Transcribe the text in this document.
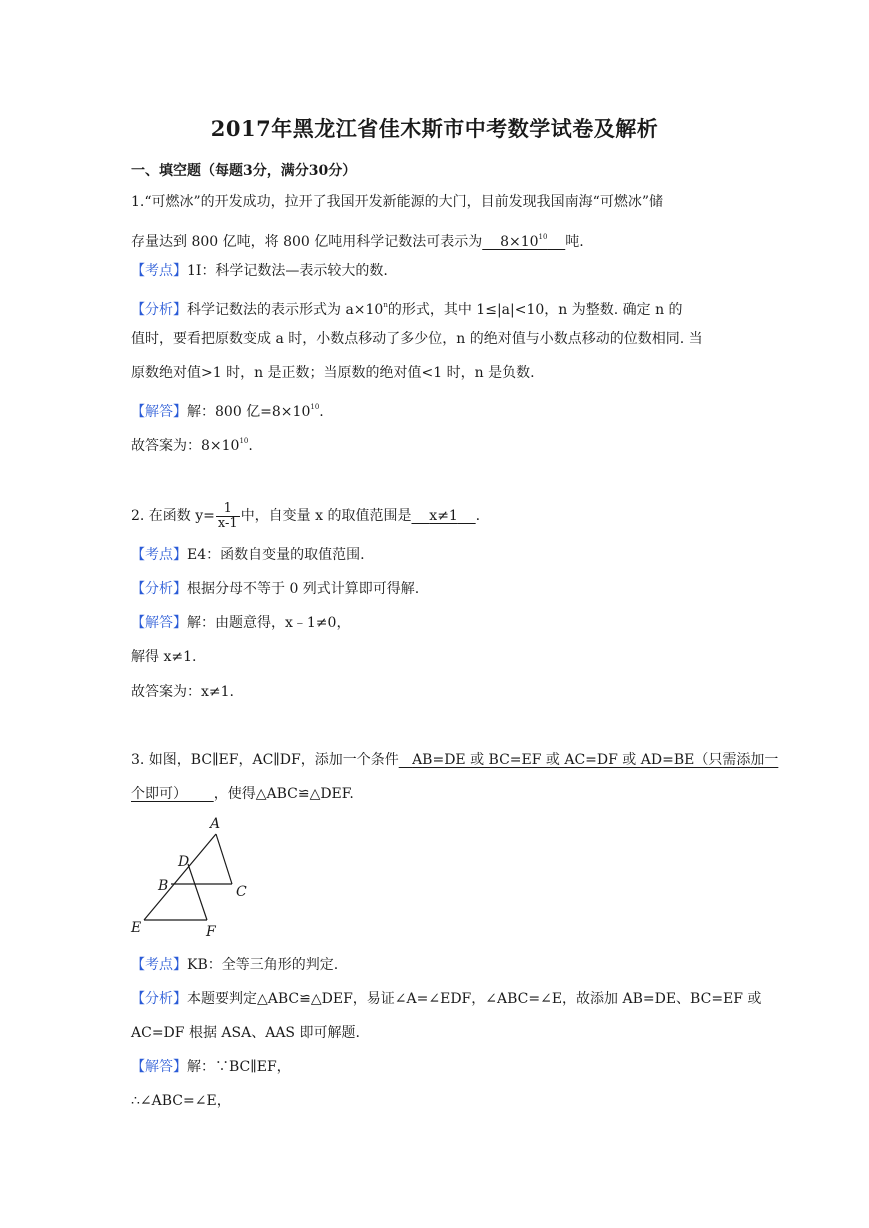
2017年黑龙江省佳木斯市中考数学试卷及解析
一、填空题（每题3分，满分30分）
1.“可燃冰”的开发成功，拉开了我国开发新能源的大门，目前发现我国南海“可燃冰”储
存量达到 800 亿吨，将 800 亿吨用科学记数法可表示为 $8\times 10^{10}$ 吨.
【考点】1I：科学记数法—表示较大的数.
【分析】科学记数法的表示形式为 $a\times 10^n$的形式，其中 1≤|a|<10，n 为整数. 确定 n 的
值时，要看把原数变成 a 时，小数点移动了多少位，n 的绝对值与小数点移动的位数相同. 当
原数绝对值>1 时，n 是正数；当原数的绝对值<1 时，n 是负数.
【解答】解：800 亿$=8\times 10^{10}$.
故答案为：$8\times 10^{10}$.
2. 在函数 $y= \frac{1}{x-1}$ 中，自变量 x 的取值范围是 x≠1 .
【考点】E4：函数自变量的取值范围.
【分析】根据分母不等于 0 列式计算即可得解.
【解答】解：由题意得，x﹣1≠0，
解得 x≠1.
故答案为：x≠1.
3. 如图，BC∥EF，AC∥DF，添加一个条件 AB=DE 或 BC=EF 或 AC=DF 或 AD=BE（只需添加一
个即可） ，使得△ABC≌△DEF.
A
D
B	C
E	F
【考点】KB：全等三角形的判定.
【分析】本题要判定△ABC≌△DEF，易证∠A=∠EDF，∠ABC=∠E，故添加 AB=DE、BC=EF 或
AC=DF 根据 ASA、AAS 即可解题.
【解答】解：∵BC∥EF，
∴∠ABC=∠E，
